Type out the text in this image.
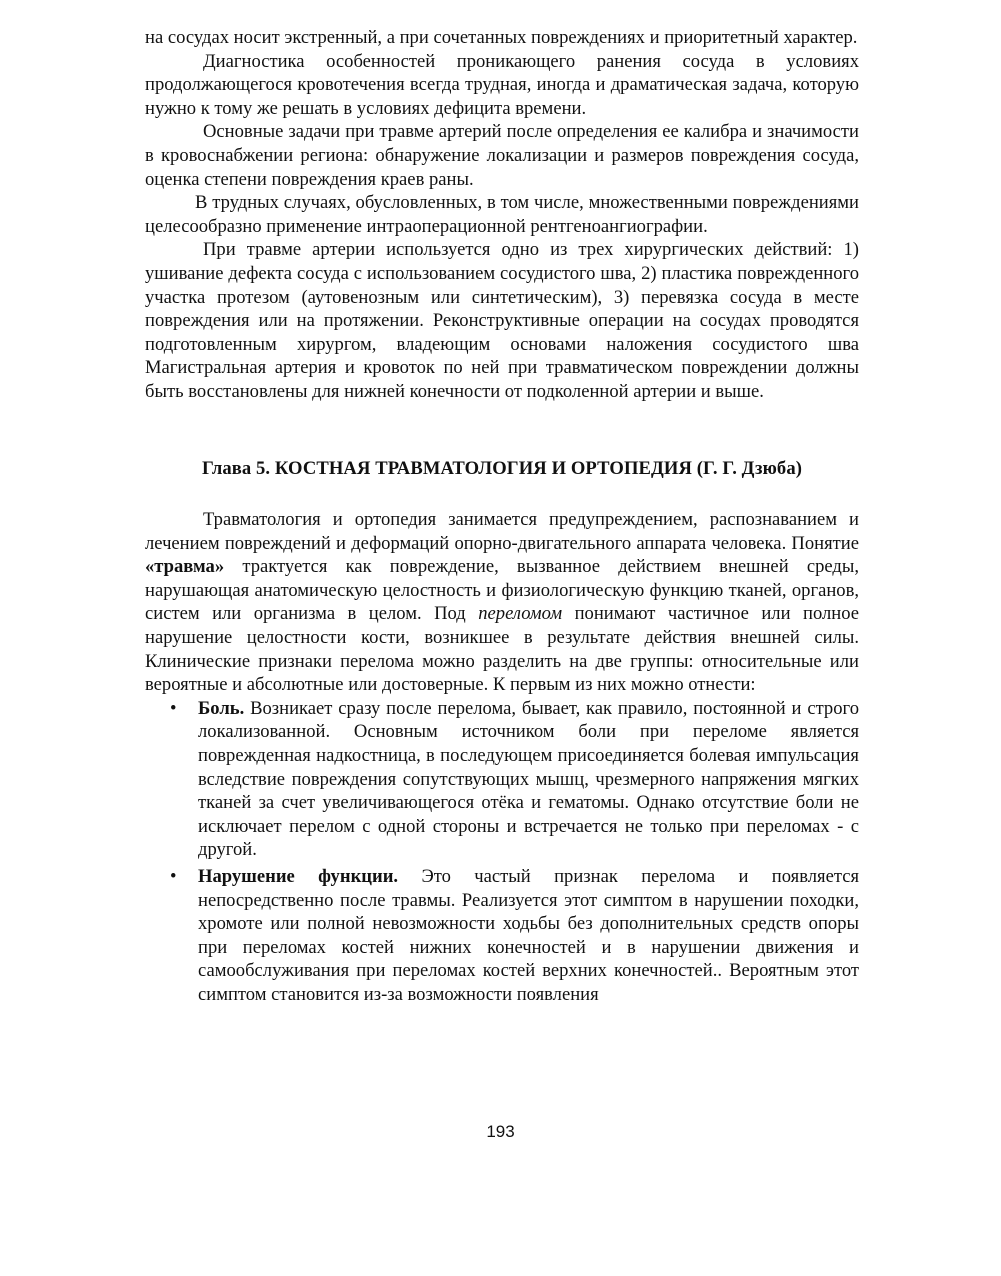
на сосудах носит экстренный, а при сочетанных повреждениях и приоритетный характер.

Диагностика особенностей проникающего ранения сосуда в условиях продолжающегося кровотечения всегда трудная, иногда и драматическая задача, которую нужно к тому же решать в условиях дефицита времени.

Основные задачи при травме артерий после определения ее калибра и значимости в кровоснабжении региона: обнаружение локализации и размеров повреждения сосуда, оценка степени повреждения краев раны.

В трудных случаях, обусловленных, в том числе, множественными повреждениями целесообразно применение интраоперационной рентгеноангиографии.

При травме артерии используется одно из трех хирургических действий: 1) ушивание дефекта сосуда с использованием сосудистого шва, 2) пластика поврежденного участка протезом (аутовенозным или синтетическим), 3) перевязка сосуда в месте повреждения или на протяжении. Реконструктивные операции на сосудах проводятся подготовленным хирургом, владеющим основами наложения сосудистого шва Магистральная артерия и кровоток по ней при травматическом повреждении должны быть восстановлены для нижней конечности от подколенной артерии и выше.

Глава 5. КОСТНАЯ ТРАВМАТОЛОГИЯ И ОРТОПЕДИЯ (Г. Г. Дзюба)

Травматология и ортопедия занимается предупреждением, распознаванием и лечением повреждений и деформаций опорно-двигательного аппарата человека. Понятие «травма» трактуется как повреждение, вызванное действием внешней среды, нарушающая анатомическую целостность и физиологическую функцию тканей, органов, систем или организма в целом. Под переломом понимают частичное или полное нарушение целостности кости, возникшее в результате действия внешней силы. Клинические признаки перелома можно разделить на две группы: относительные или вероятные и абсолютные или достоверные. К первым из них можно отнести:

• Боль. Возникает сразу после перелома, бывает, как правило, постоянной и строго локализованной. Основным источником боли при переломе является поврежденная надкостница, в последующем присоединяется болевая импульсация вследствие повреждения сопутствующих мышц, чрезмерного напряжения мягких тканей за счет увеличивающегося отёка и гематомы. Однако отсутствие боли не исключает перелом с одной стороны и встречается не только при переломах - с другой.
• Нарушение функции. Это частый признак перелома и появляется непосредственно после травмы. Реализуется этот симптом в нарушении походки, хромоте или полной невозможности ходьбы без дополнительных средств опоры при переломах костей нижних конечностей и в нарушении движения и самообслуживания при переломах костей верхних конечностей.. Вероятным этот симптом становится из-за возможности появления
193
